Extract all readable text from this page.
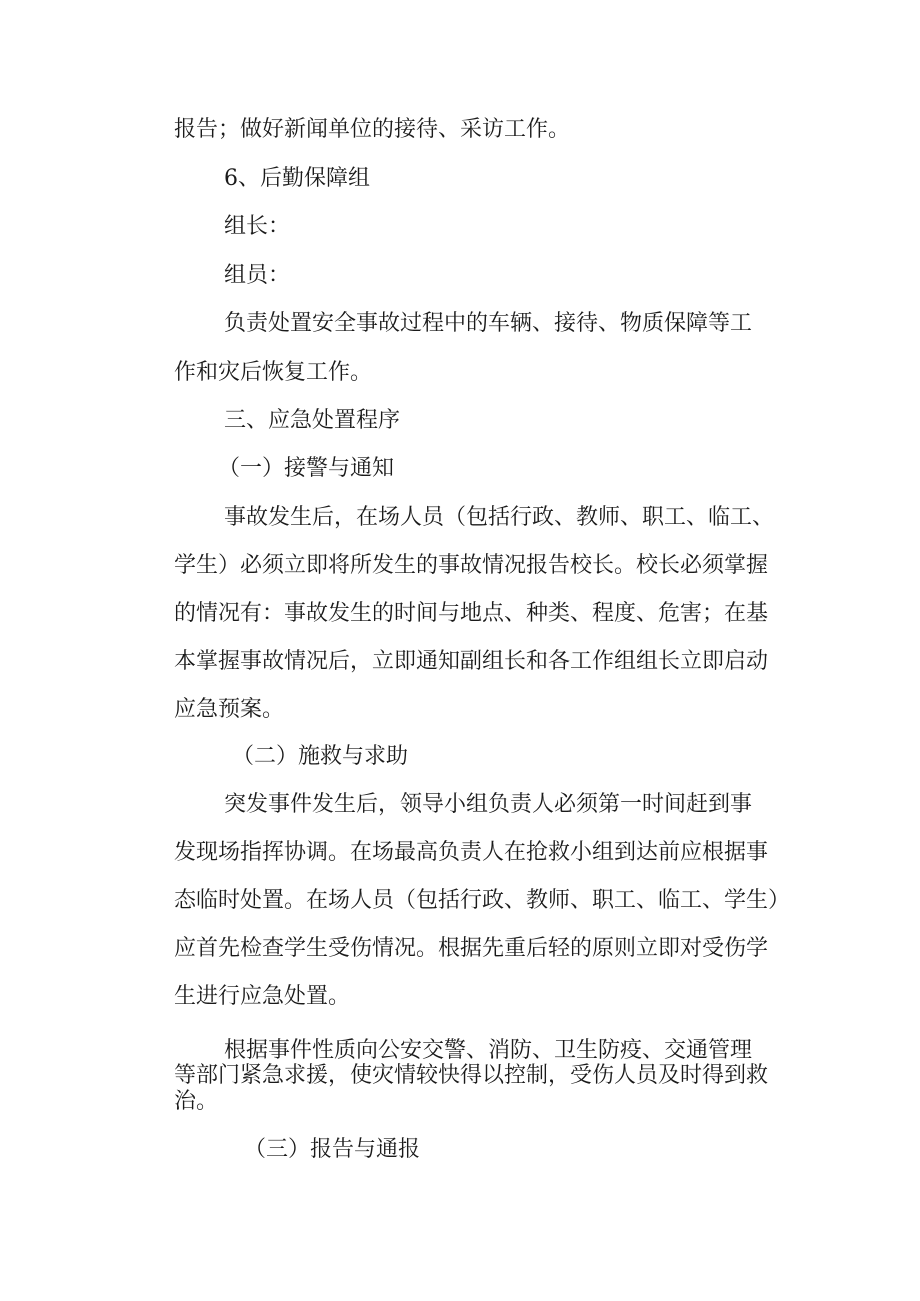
报告；做好新闻单位的接待、采访工作。

6、后勤保障组

组长：

组员：

负责处置安全事故过程中的车辆、接待、物质保障等工

作和灾后恢复工作。

三、应急处置程序

（一）接警与通知

事故发生后，在场人员（包括行政、教师、职工、临工、

学生）必须立即将所发生的事故情况报告校长。校长必须掌握

的情况有：事故发生的时间与地点、种类、程度、危害；在基

本掌握事故情况后，立即通知副组长和各工作组组长立即启动

应急预案。

（二）施救与求助

突发事件发生后，领导小组负责人必须第一时间赶到事

发现场指挥协调。在场最高负责人在抢救小组到达前应根据事

态临时处置。在场人员（包括行政、教师、职工、临工、学生）

应首先检查学生受伤情况。根据先重后轻的原则立即对受伤学

生进行应急处置。

根据事件性质向公安交警、消防、卫生防疫、交通管理

等部门紧急求援，使灾情较快得以控制，受伤人员及时得到救

治。

（三）报告与通报
